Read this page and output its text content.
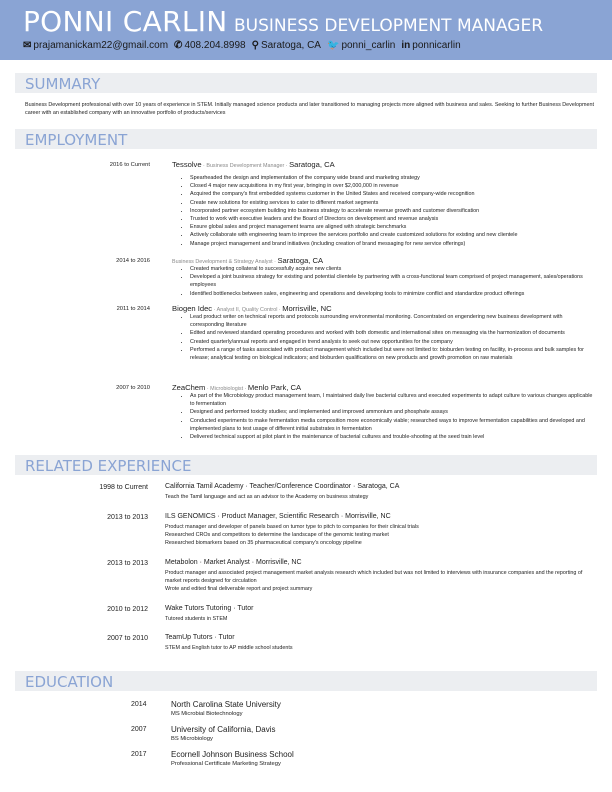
PONNI CARLIN BUSINESS DEVELOPMENT MANAGER
✉ prajamanickam22@gmail.com ✆ 408.204.8998 ⚲ Saratoga, CA 🐦 ponni_carlin in ponnicarlin
SUMMARY

Business Development professional with over 10 years of experience in STEM. Initially managed science products and later transitioned to managing projects more aligned with business and sales. Seeking to further Business Development career with an established company with an innovative portfolio of products/services

EMPLOYMENT
2016 to Current	Tessolve · Business Development Manager · Saratoga, CA
• Spearheaded the design and implementation of the company wide brand and marketing strategy
• Closed 4 major new acquisitions in my first year, bringing in over $2,000,000 in revenue
• Acquired the company's first embedded systems customer in the United States and received company-wide recognition
• Create new solutions for existing services to cater to different market segments
• Incorporated partner ecosystem building into business strategy to accelerate revenue growth and customer diversification
• Trusted to work with executive leaders and the Board of Directors on development and revenue analysis
• Ensure global sales and project management teams are aligned with strategic benchmarks
• Actively collaborate with engineering team to improve the services portfolio and create customized solutions for existing and new clientele
• Manage project management and brand initiatives (including creation of brand messaging for new service offerings)
2014 to 2016	Business Development & Strategy Analyst · Saratoga, CA
• Created marketing collateral to successfully acquire new clients
• Developed a joint business strategy for existing and potential clientele by partnering with a cross-functional team comprised of project management, sales/operations employees
• Identified bottlenecks between sales, engineering and operations and developing tools to minimize conflict and standardize product offerings
2011 to 2014	Biogen Idec · Analyst II, Quality Control · Morrisville, NC
• Lead product writer on technical reports and protocols surrounding environmental monitoring. Concentrated on engendering new business development with corresponding literature
• Edited and reviewed standard operating procedures and worked with both domestic and international sites on messaging via the harmonization of documents
• Created quarterly/annual reports and engaged in trend analysis to seek out new opportunities for the company
• Performed a range of tasks associated with product management which included but were not limited to: bioburden testing on facility, in-process and bulk samples for release; analytical testing on biological indicators; and bioburden qualifications on new products and growth promotion on raw materials
2007 to 2010	ZeaChem · Microbiologist · Menlo Park, CA
• As part of the Microbiology product management team, I maintained daily live bacterial cultures and executed experiments to adapt culture to various changes applicable to fermentation
• Designed and performed toxicity studies; and implemented and improved ammonium and phosphate assays
• Conducted experiments to make fermentation media composition more economically viable; researched ways to improve fermentation capabilities and developed and implemented plans to test usage of different initial substrates in fermentation
• Delivered technical support at pilot plant in the maintenance of bacterial cultures and trouble-shooting at the seed train level
RELATED EXPERIENCE
1998 to Current California Tamil Academy · Teacher/Conference Coordinator · Saratoga, CA
Teach the Tamil language and act as an advisor to the Academy on business strategy
2013 to 2013 ILS GENOMICS · Product Manager, Scientific Research · Morrisville, NC
Product manager and developer of panels based on tumor type to pitch to companies for their clinical trials
Researched CROs and competitors to determine the landscape of the genomic testing market
Researched biomarkers based on 35 pharmaceutical company's oncology pipeline
2013 to 2013 Metabolon · Market Analyst · Morrisville, NC
Product manager and associated project management market analysis research which included but was not limited to interviews with insurance companies and the reporting of market reports designed for circulation
Wrote and edited final deliverable report and project summary
2010 to 2012 Wake Tutors Tutoring · Tutor
Tutored students in STEM
2007 to 2010 TeamUp Tutors · Tutor
STEM and English tutor to AP middle school students
EDUCATION
2014	North Carolina State University
MS Microbial Biotechnology
2007	University of California, Davis
BS Microbiology
2017	Ecornell Johnson Business School
Professional Certificate Marketing Strategy
